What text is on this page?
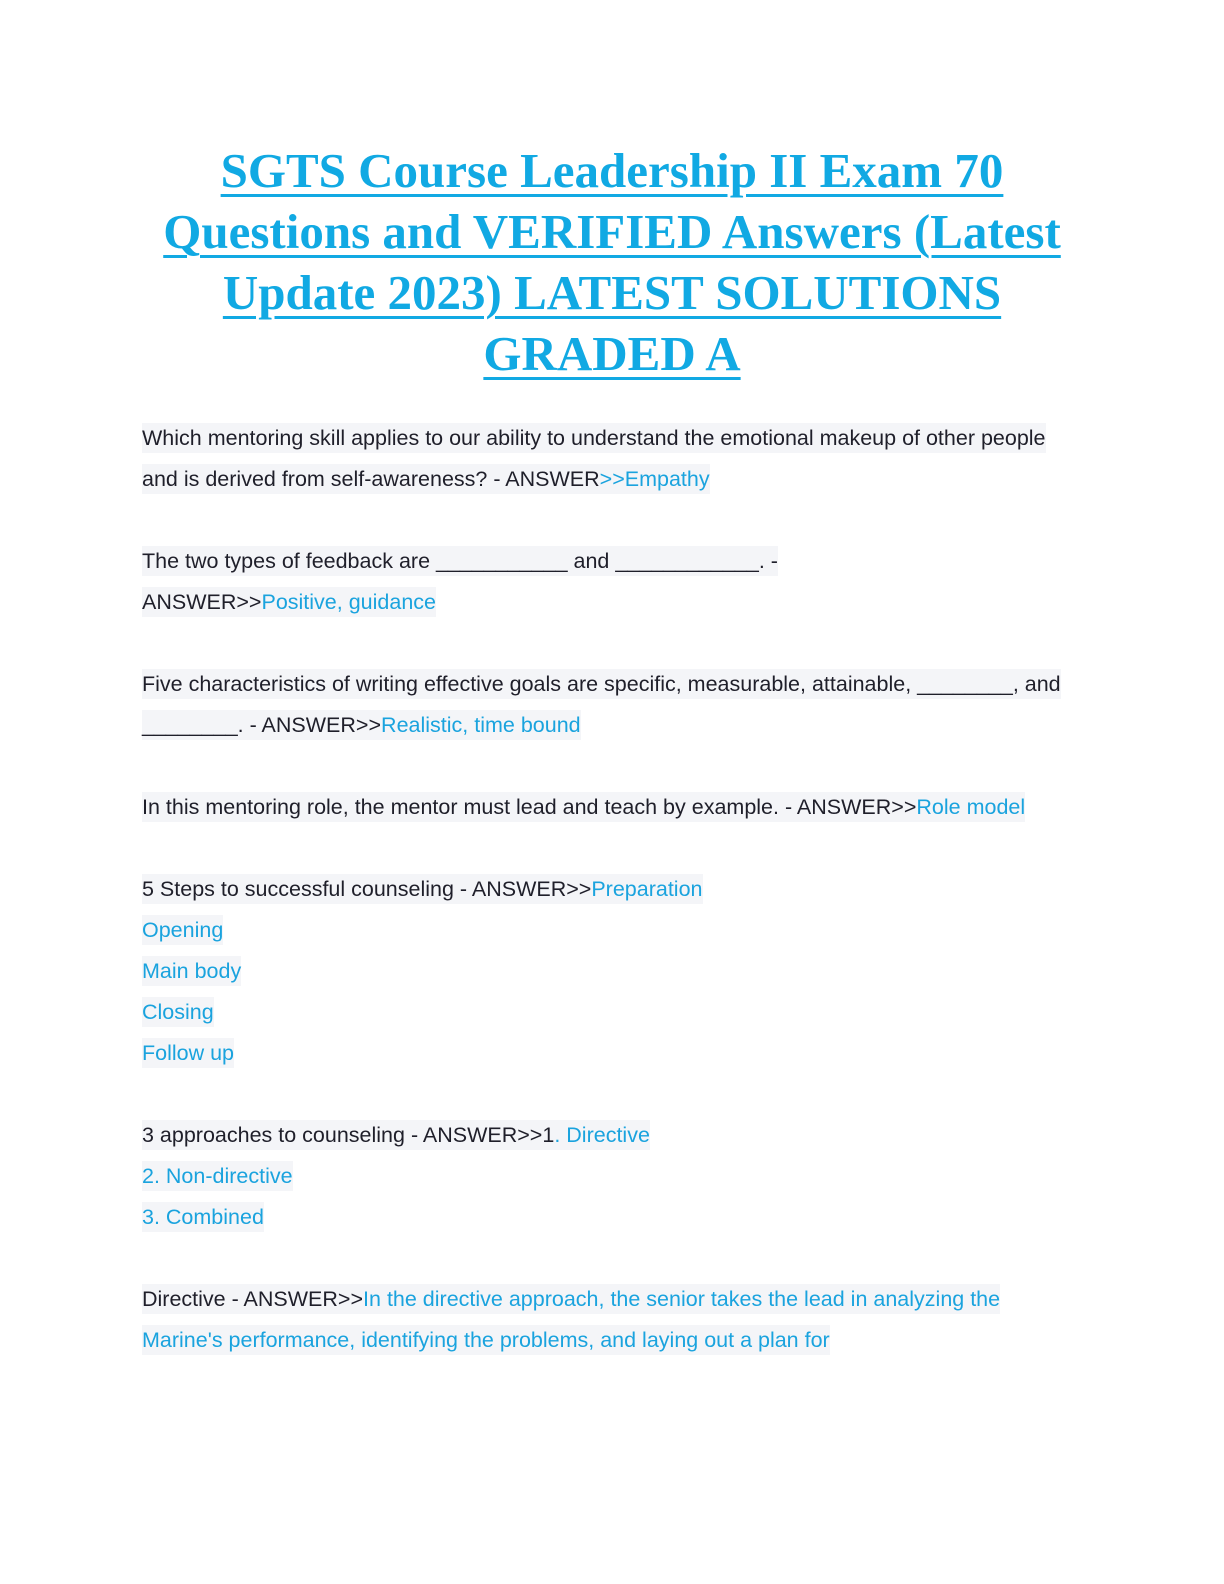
SGTS Course Leadership II Exam 70 Questions and VERIFIED Answers (Latest Update 2023) LATEST SOLUTIONS GRADED A

Which mentoring skill applies to our ability to understand the emotional makeup of other people and is derived from self-awareness? - ANSWER>>Empathy

The two types of feedback are ___________ and ____________. -
ANSWER>>Positive, guidance

Five characteristics of writing effective goals are specific, measurable, attainable, ________, and ________. - ANSWER>>Realistic, time bound

In this mentoring role, the mentor must lead and teach by example. - ANSWER>>Role model

5 Steps to successful counseling - ANSWER>>Preparation
Opening
Main body
Closing
Follow up

3 approaches to counseling - ANSWER>>1. Directive
2. Non-directive
3. Combined

Directive - ANSWER>>In the directive approach, the senior takes the lead in analyzing the Marine's performance, identifying the problems, and laying out a plan for
